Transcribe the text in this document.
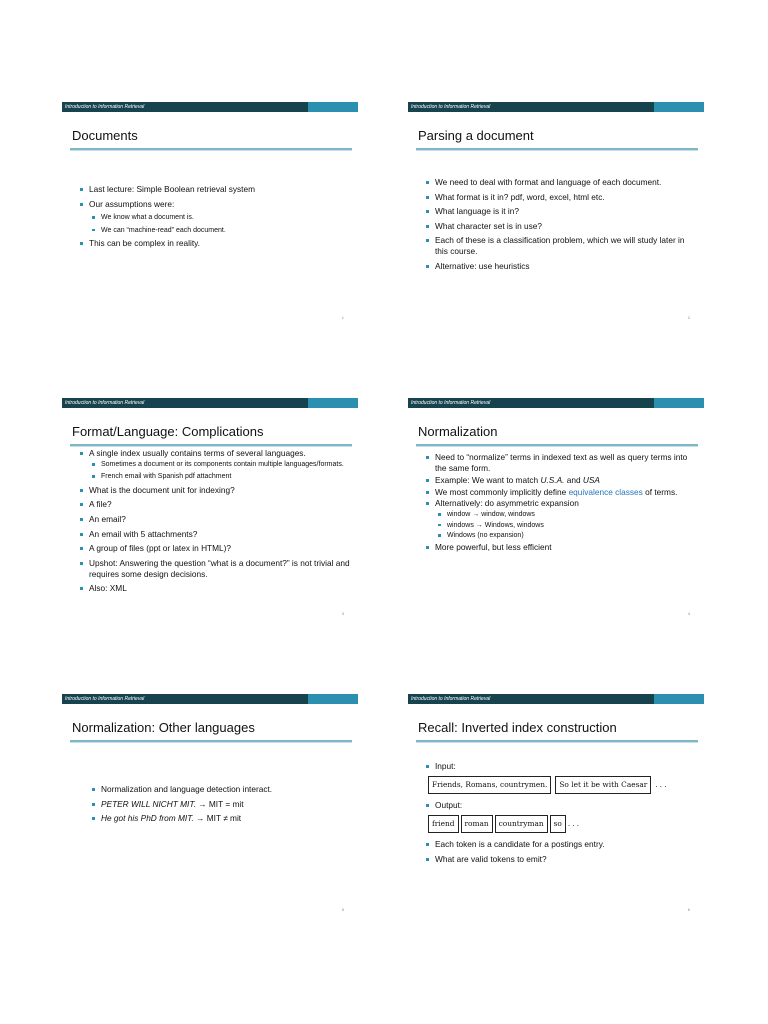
Introduction to Information Retrieval
Documents
Last lecture: Simple Boolean retrieval system
Our assumptions were:
We know what a document is.
We can “machine-read” each document.
This can be complex in reality.
1
Introduction to Information Retrieval
Parsing a document
We need to deal with format and language of each document.
What format is it in? pdf, word, excel, html etc.
What language is it in?
What character set is in use?
Each of these is a classification problem, which we will study later in this course.
Alternative: use heuristics
2
Introduction to Information Retrieval
Format/Language: Complications
A single index usually contains terms of several languages.
Sometimes a document or its components contain multiple languages/formats.
French email with Spanish pdf attachment
What is the document unit for indexing?
A file?
An email?
An email with 5 attachments?
A group of files (ppt or latex in HTML)?
Upshot: Answering the question “what is a document?” is not trivial and requires some design decisions.
Also: XML
3
Introduction to Information Retrieval
Normalization
Need to “normalize” terms in indexed text as well as query terms into the same form.
Example: We want to match U.S.A. and USA
We most commonly implicitly define equivalence classes of terms.
Alternatively: do asymmetric expansion
window → window, windows
windows → Windows, windows
Windows (no expansion)
More powerful, but less efficient
4
Introduction to Information Retrieval
Normalization: Other languages
Normalization and language detection interact.
PETER WILL NICHT MIT. → MIT = mit
He got his PhD from MIT. → MIT ≠ mit
5
Introduction to Information Retrieval
Recall: Inverted index construction
Input:
Friends, Romans, countrymen.	So let it be with Caesar	. . .
Output:
friend	roman	countryman	so . . .
Each token is a candidate for a postings entry.
What are valid tokens to emit?
6
